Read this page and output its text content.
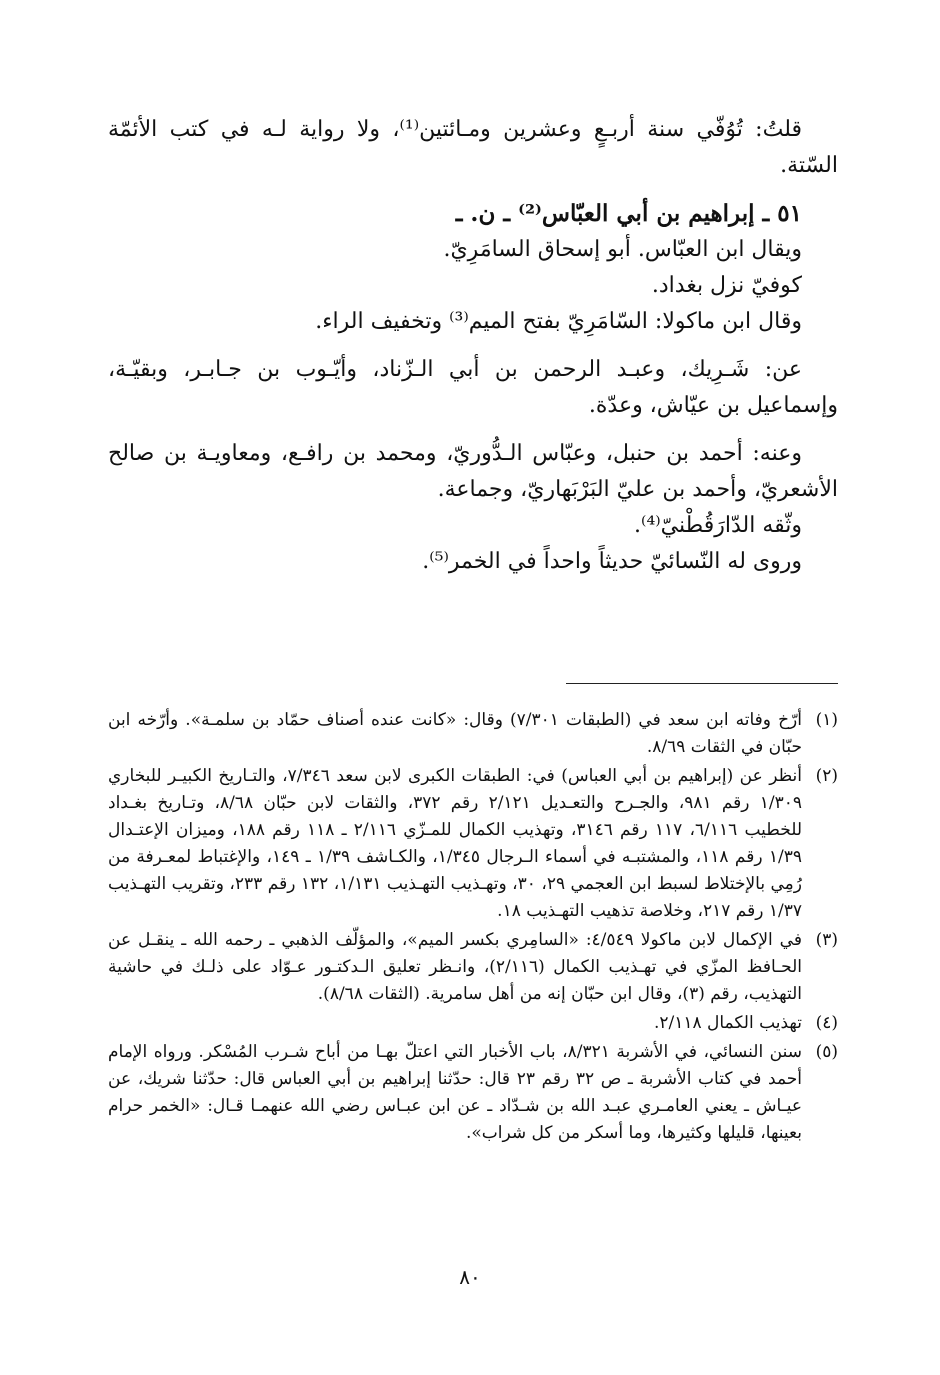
قلتُ: تُوُفّي سنة أربـعٍ وعشرين ومـائتين⁽¹⁾، ولا رواية لـه في كتب الأئمّة السّتة.

٥١ ـ إبراهيم بن أبي العبّاس⁽²⁾ ـ ن. ـ

ويقال ابن العبّاس. أبو إسحاق السامَرِيّ.

كوفيّ نزل بغداد.

وقال ابن ماكولا: السّامَرِيّ بفتح الميم⁽³⁾ وتخفيف الراء.

عن: شَـرِيك، وعبـد الرحمن بن أبي الـزّناد، وأيّـوب بن جـابـر، وبقيّـة، وإسماعيل بن عيّاش، وعدّة.

وعنه: أحمد بن حنبل، وعبّاس الـدُّوريّ، ومحمد بن رافـع، ومعاويـة بن صالح الأشعريّ، وأحمد بن عليّ البَرْبَهاريّ، وجماعة.

وثّقه الدّارَقُطْنيّ⁽⁴⁾.

وروى له النّسائيّ حديثاً واحداً في الخمر⁽⁵⁾.

(١)
أرّخ وفاته ابن سعد في (الطبقات ٧/٣٠١) وقال: «كانت عنده أصناف حمّاد بن سلمـة». وأرّخه ابن حبّان في الثقات ٨/٦٩.
(٢)
أنظر عن (إبراهيم بن أبي العباس) في: الطبقات الكبرى لابن سعد ٧/٣٤٦، والتـاريخ الكبيـر للبخاري ١/٣٠٩ رقم ٩٨١، والجـرح والتعـديل ٢/١٢١ رقم ٣٧٢، والثقات لابن حبّان ٨/٦٨، وتـاريخ بغـداد للخطيب ٦/١١٦، ١١٧ رقم ٣١٤٦، وتهذيب الكمال للمـزّي ٢/١١٦ ـ ١١٨ رقم ١٨٨، وميزان الإعتـدال ١/٣٩ رقم ١١٨، والمشتبـه في أسماء الـرجال ١/٣٤٥، والكـاشف ١/٣٩ ـ ١٤٩، والإغتباط لمعـرفة من رُمِي بالإختلاط لسبط ابن العجمي ٢٩، ٣٠، وتهـذيب التهـذيب ١/١٣١، ١٣٢ رقم ٢٣٣، وتقريب التهـذيب ١/٣٧ رقم ٢١٧، وخلاصة تذهيب التهـذيب ١٨.
(٣)
في الإكمال لابن ماكولا ٤/٥٤٩: «السامِري بكسر الميم»، والمؤلّف الذهبي ـ رحمه الله ـ ينقـل عن الحـافظ المزّي في تهـذيب الكمال (٢/١١٦)، وانـظر تعليق الـدكتـور عـوّاد على ذلـك في حاشية التهذيب، رقم (٣)، وقال ابن حبّان إنه من أهل سامرية. (الثقات ٨/٦٨).
(٤)
تهذيب الكمال ٢/١١٨.
(٥)
سنن النسائي، في الأشربة ٨/٣٢١، باب الأخبار التي اعتلّ بهـا من أباح شـرب المُسْكر. ورواه الإمام أحمد في كتاب الأشربة ـ ص ٣٢ رقم ٢٣ قال: حدّثنا إبراهيم بن أبي العباس قال: حدّثنا شريك، عن عيـاش ـ يعني العامـري عبـد الله بن شـدّاد ـ عن ابن عبـاس رضي الله عنهمـا قـال: «الخمر حرام بعينها، قليلها وكثيرها، وما أسكر من كل شراب».
٨٠
